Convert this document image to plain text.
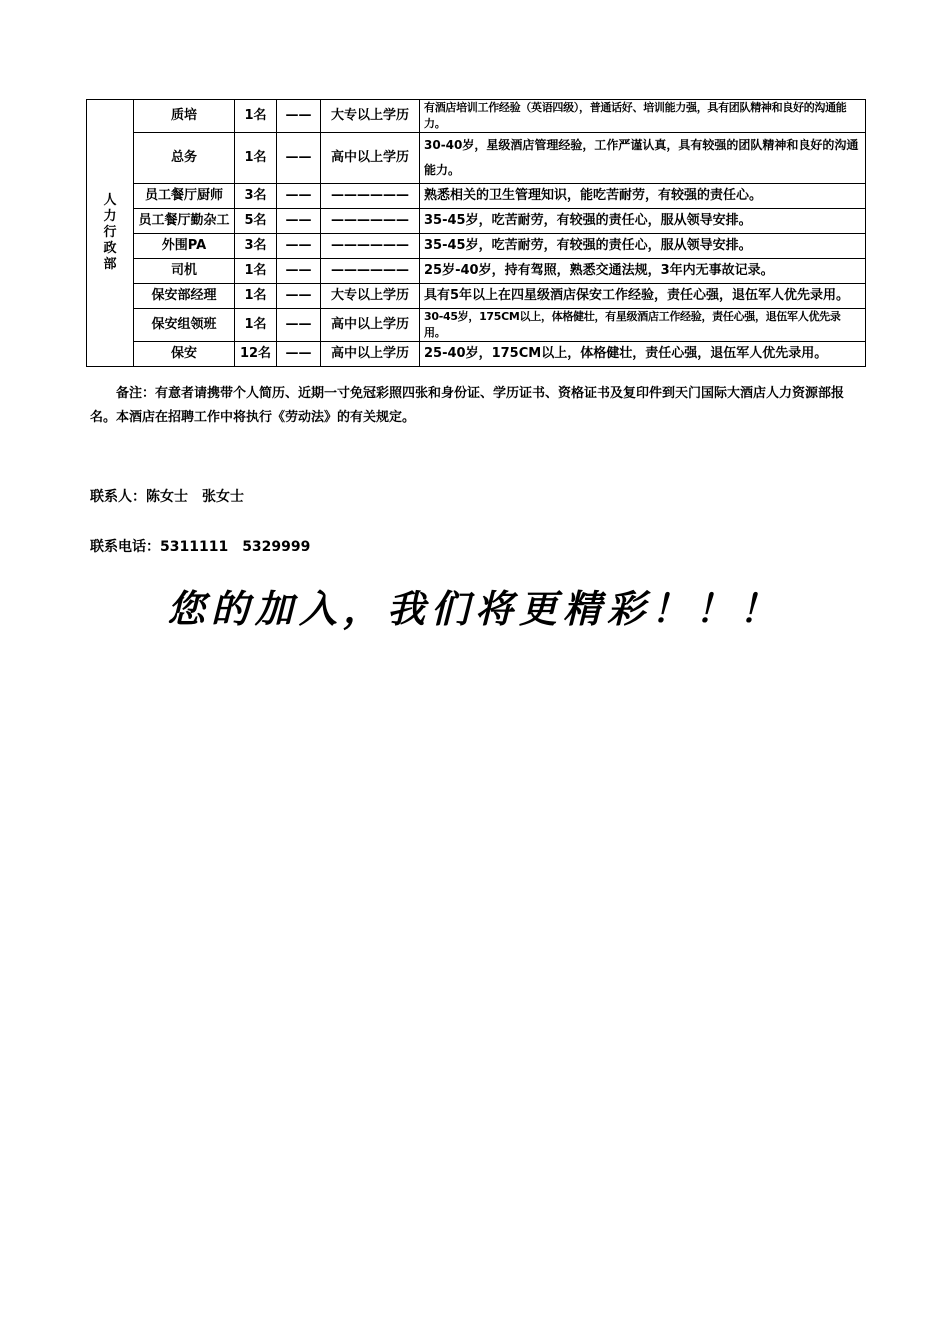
人
力
行
政
部	质培	1名	——	大专以上学历	有酒店培训工作经验（英语四级），普通话好、培训能力强，具有团队精神和良好的沟通能力。
	总务	1名	——	高中以上学历	30-40岁，星级酒店管理经验，工作严谨认真，具有较强的团队精神和良好的沟通能力。
	员工餐厅厨师	3名	——	——————	熟悉相关的卫生管理知识，能吃苦耐劳，有较强的责任心。
	员工餐厅勤杂工	5名	——	——————	35-45岁，吃苦耐劳，有较强的责任心，服从领导安排。
	外围PA	3名	——	——————	35-45岁，吃苦耐劳，有较强的责任心，服从领导安排。
	司机	1名	——	——————	25岁-40岁，持有驾照，熟悉交通法规，3年内无事故记录。
	保安部经理	1名	——	大专以上学历	具有5年以上在四星级酒店保安工作经验，责任心强，退伍军人优先录用。
	保安组领班	1名	——	高中以上学历	30-45岁，175CM以上，体格健壮，有星级酒店工作经验，责任心强，退伍军人优先录用。
	保安	12名	——	高中以上学历	25-40岁，175CM以上，体格健壮，责任心强，退伍军人优先录用。
备注：有意者请携带个人简历、近期一寸免冠彩照四张和身份证、学历证书、资格证书及复印件到天门国际大酒店人力资源部报名。本酒店在招聘工作中将执行《劳动法》的有关规定。
联系人：陈女士　张女士
联系电话：5311111　5329999
您的加入，我们将更精彩！！！
